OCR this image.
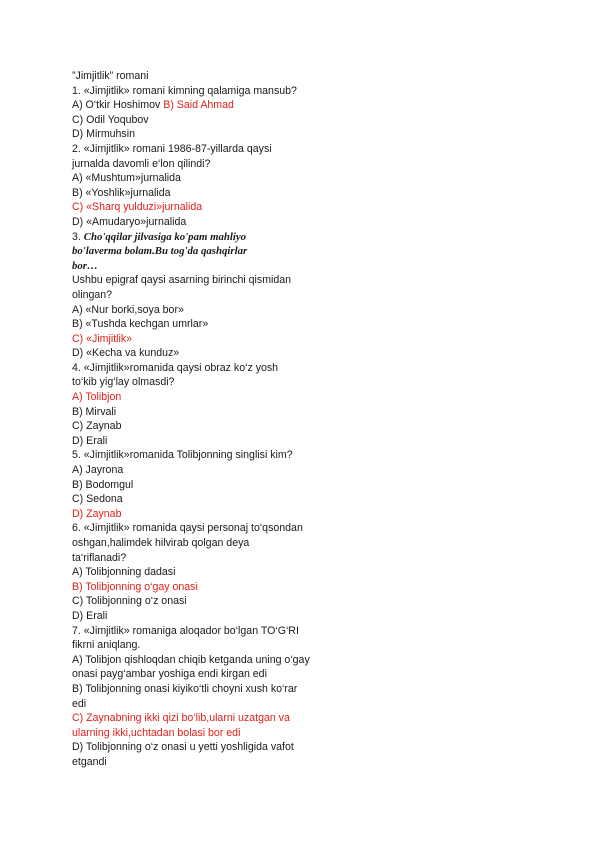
”Jimjitlik” romani
1. «Jimjitlik» romani kimning qalamiga mansub?
A) O‘tkir Hoshimov B) Said Ahmad
C) Odil Yoqubov
D) Mirmuhsin
2. «Jimjitlik» romani 1986-87-yillarda qaysi
jurnalda davomli e‘lon qilindi?
A) «Mushtum»jurnalida
B) «Yoshlik»jurnalida
C) «Sharq yulduzi»jurnalida
D) «Amudaryo»jurnalida
3. Cho'qqilar jilvasiga ko'pam mahliyo
bo'laverma bolam.Bu tog'da qashqirlar
bor…
Ushbu epigraf qaysi asarning birinchi qismidan
olingan?
A) «Nur borki,soya bor»
B) «Tushda kechgan umrlar»
C) «Jimjitlik»
D) «Kecha va kunduz»
4. «Jimjitlik»romanida qaysi obraz ko‘z yosh
to‘kib yig‘lay olmasdi?
A) Tolibjon
B) Mirvali
C) Zaynab
D) Erali
5. «Jimjitlik»romanida Tolibjonning singlisi kim?
A) Jayrona
B) Bodomgul
C) Sedona
D) Zaynab
6. «Jimjitlik» romanida qaysi personaj to‘qsondan
oshgan,halimdek hilvirab qolgan deya
ta‘riflanadi?
A) Tolibjonning dadasi
B) Tolibjonning o‘gay onasi
C) Tolibjonning o‘z onasi
D) Erali
7. «Jimjitlik» romaniga aloqador bo‘lgan TO‘G‘RI
fikrni aniqlang.
A) Tolibjon qishloqdan chiqib ketganda uning o‘gay
onasi payg‘ambar yoshiga endi kirgan edi
B) Tolibjonning onasi kiyiko‘tli choyni xush ko‘rar
edi
C) Zaynabning ikki qizi bo‘lib,ularni uzatgan va
ularning ikki,uchtadan bolasi bor edi
D) Tolibjonning o‘z onasi u yetti yoshligida vafot
etgandi
